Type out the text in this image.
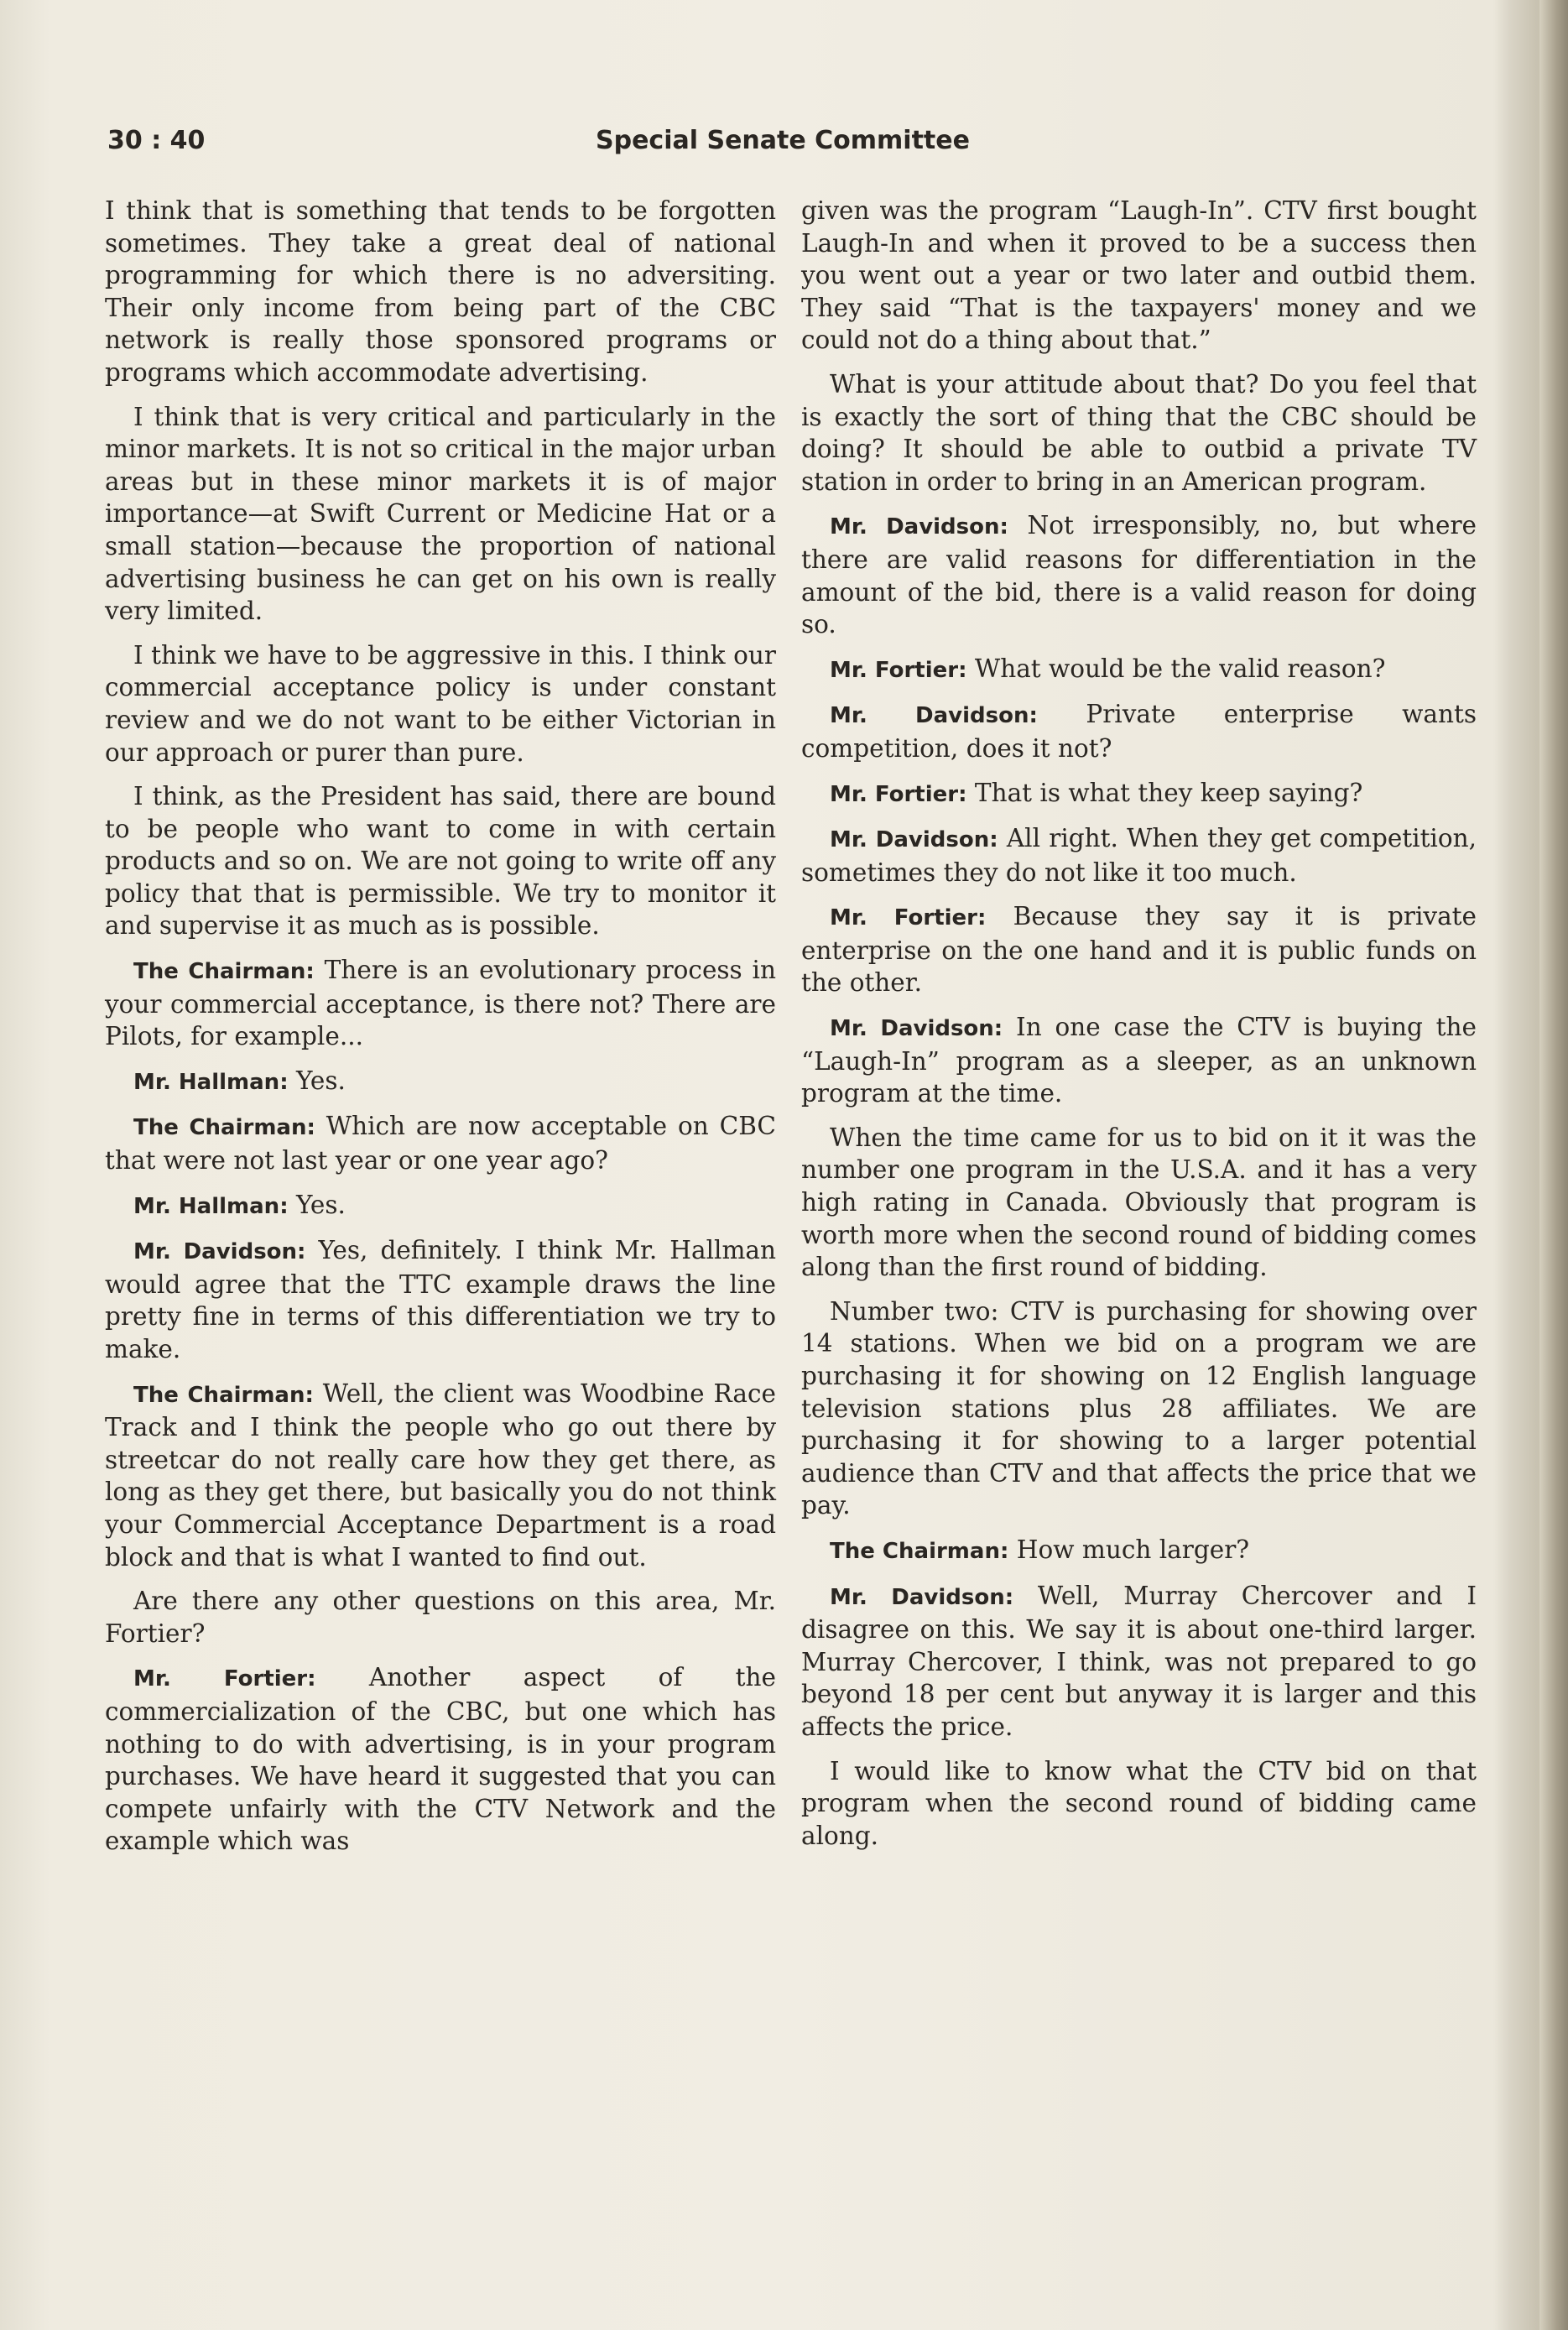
30 : 40	Special Senate Committee

I think that is something that tends to be forgotten sometimes. They take a great deal of national programming for which there is no adversiting. Their only income from being part of the CBC network is really those sponsored programs or programs which accommodate advertising.

I think that is very critical and particularly in the minor markets. It is not so critical in the major urban areas but in these minor markets it is of major importance—at Swift Current or Medicine Hat or a small station—because the proportion of national advertising business he can get on his own is really very limited.

I think we have to be aggressive in this. I think our commercial acceptance policy is under constant review and we do not want to be either Victorian in our approach or purer than pure.

I think, as the President has said, there are bound to be people who want to come in with certain products and so on. We are not going to write off any policy that that is permissible. We try to monitor it and supervise it as much as is possible.

The Chairman: There is an evolutionary process in your commercial acceptance, is there not? There are Pilots, for example...

Mr. Hallman: Yes.

The Chairman: Which are now acceptable on CBC that were not last year or one year ago?

Mr. Hallman: Yes.

Mr. Davidson: Yes, definitely. I think Mr. Hallman would agree that the TTC example draws the line pretty fine in terms of this differentiation we try to make.

The Chairman: Well, the client was Woodbine Race Track and I think the people who go out there by streetcar do not really care how they get there, as long as they get there, but basically you do not think your Commercial Acceptance Department is a road block and that is what I wanted to find out.

Are there any other questions on this area, Mr. Fortier?

Mr. Fortier: Another aspect of the commercialization of the CBC, but one which has nothing to do with advertising, is in your program purchases. We have heard it suggested that you can compete unfairly with the CTV Network and the example which was

given was the program “Laugh-In”. CTV first bought Laugh-In and when it proved to be a success then you went out a year or two later and outbid them. They said “That is the taxpayers' money and we could not do a thing about that.”

What is your attitude about that? Do you feel that is exactly the sort of thing that the CBC should be doing? It should be able to outbid a private TV station in order to bring in an American program.

Mr. Davidson: Not irresponsibly, no, but where there are valid reasons for differentiation in the amount of the bid, there is a valid reason for doing so.

Mr. Fortier: What would be the valid reason?

Mr. Davidson: Private enterprise wants competition, does it not?

Mr. Fortier: That is what they keep saying?

Mr. Davidson: All right. When they get competition, sometimes they do not like it too much.

Mr. Fortier: Because they say it is private enterprise on the one hand and it is public funds on the other.

Mr. Davidson: In one case the CTV is buying the “Laugh-In” program as a sleeper, as an unknown program at the time.

When the time came for us to bid on it it was the number one program in the U.S.A. and it has a very high rating in Canada. Obviously that program is worth more when the second round of bidding comes along than the first round of bidding.

Number two: CTV is purchasing for showing over 14 stations. When we bid on a program we are purchasing it for showing on 12 English language television stations plus 28 affiliates. We are purchasing it for showing to a larger potential audience than CTV and that affects the price that we pay.

The Chairman: How much larger?

Mr. Davidson: Well, Murray Chercover and I disagree on this. We say it is about one-third larger. Murray Chercover, I think, was not prepared to go beyond 18 per cent but anyway it is larger and this affects the price.

I would like to know what the CTV bid on that program when the second round of bidding came along.
